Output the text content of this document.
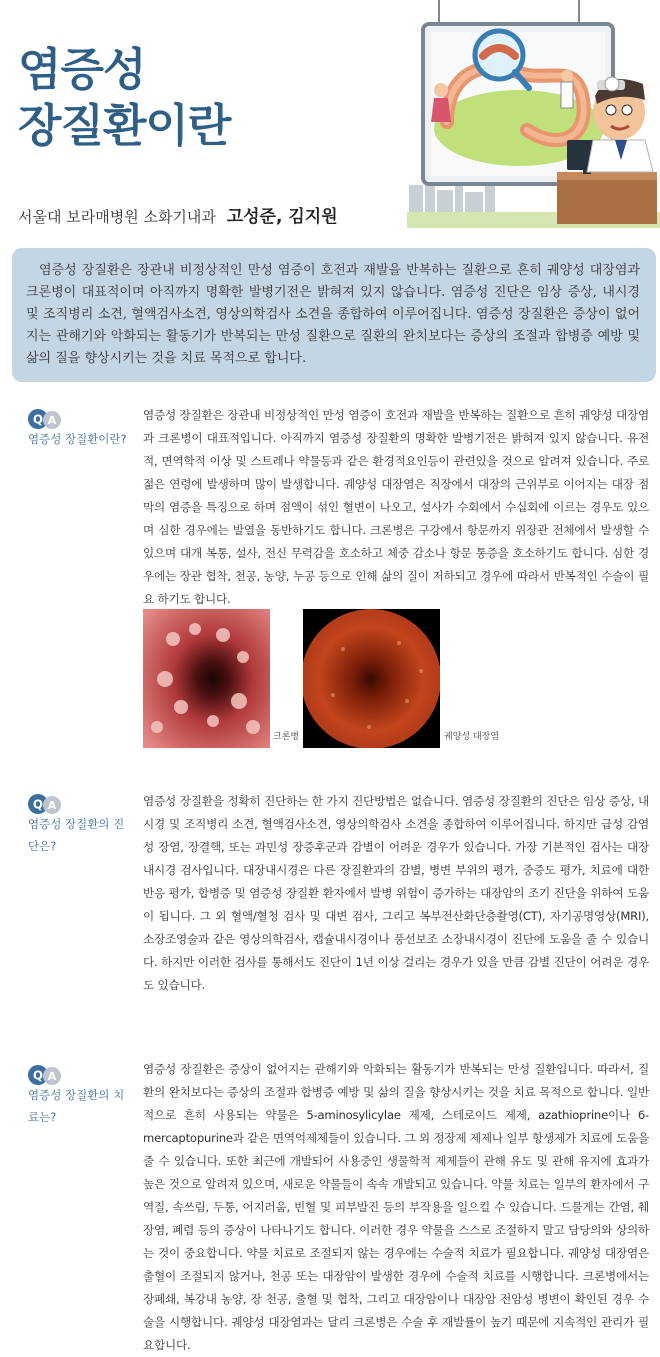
염증성
장질환이란
서울대 보라매병원 소화기내과 고성준, 김지원
염증성 장질환은 장관내 비정상적인 만성 염증이 호전과 재발을 반복하는 질환으로 흔히 궤양성 대장염과 크론병이 대표적이며 아직까지 명확한 발병기전은 밝혀져 있지 않습니다. 염증성 진단은 임상 증상, 내시경 및 조직병리 소견, 혈액검사소견, 영상의학검사 소견을 종합하여 이루어집니다. 염증성 장질환은 증상이 없어지는 관해기와 악화되는 활동기가 반복되는 만성 질환으로 질환의 완치보다는 증상의 조절과 합병증 예방 및 삶의 질을 향상시키는 것을 치료 목적으로 합니다.
Q A
염증성 장질환이란?
염증성 장질환은 장관내 비정상적인 만성 염증이 호전과 재발을 반복하는 질환으로 흔히 궤양성 대장염과 크론병이 대표적입니다. 아직까지 염증성 장질환의 명확한 발병기전은 밝혀져 있지 않습니다. 유전적, 면역학적 이상 및 스트레나 약물등과 같은 환경적요인등이 관련있을 것으로 알려져 있습니다. 주로 젊은 연령에 발생하며 많이 발생합니다. 궤양성 대장염은 직장에서 대장의 근위부로 이어지는 대장 점막의 염증을 특징으로 하며 점액이 섞인 혈변이 나오고, 설사가 수회에서 수십회에 이르는 경우도 있으며 심한 경우에는 발열을 동반하기도 합니다. 크론병은 구강에서 항문까지 위장관 전체에서 발생할 수 있으며 대개 복통, 설사, 전신 무력감을 호소하고 체중 감소나 항문 통증을 호소하기도 합니다. 심한 경우에는 장관 협착, 천공, 농양, 누공 등으로 인해 삶의 질이 저하되고 경우에 따라서 반복적인 수술이 필요 하기도 합니다.
크론병	궤양성 대장염
Q A
염증성 장질환의 진단은?
염증성 장질환을 정확히 진단하는 한 가지 진단방법은 없습니다. 염증성 장질환의 진단은 임상 증상, 내시경 및 조직병리 소견, 혈액검사소견, 영상의학검사 소견을 종합하여 이루어집니다. 하지만 급성 감염성 장염, 장결핵, 또는 과민성 장증후군과 감별이 어려운 경우가 있습니다. 가장 기본적인 검사는 대장내시경 검사입니다. 대장내시경은 다른 장질환과의 감별, 병변 부위의 평가, 중증도 평가, 치료에 대한 반응 평가, 합병증 및 염증성 장질환 환자에서 발병 위험이 증가하는 대장암의 조기 진단을 위하여 도움이 됩니다. 그 외 혈액/혈청 검사 및 대변 검사, 그리고 복부전산화단층촬영(CT), 자기공명영상(MRI), 소장조영술과 같은 영상의학검사, 캡슐내시경이나 풍선보조 소장내시경이 진단에 도움을 줄 수 있습니다. 하지만 이러한 검사를 통해서도 진단이 1년 이상 걸리는 경우가 있을 만큼 감별 진단이 어려운 경우도 있습니다.
Q A
염증성 장질환의 치료는?
염증성 장질환은 증상이 없어지는 관해기와 악화되는 활동기가 반복되는 만성 질환입니다. 따라서, 질환의 완치보다는 증상의 조절과 합병증 예방 및 삶의 질을 향상시키는 것을 치료 목적으로 합니다. 일반적으로 흔히 사용되는 약물은 5-aminosylicylae 제제, 스테로이드 제제, azathioprine이나 6-mercaptopurine과 같은 면역억제제들이 있습니다. 그 외 정장제 제제나 일부 항생제가 치료에 도움을 줄 수 있습니다. 또한 최근에 개발되어 사용중인 생물학적 제제들이 관해 유도 및 관해 유지에 효과가 높은 것으로 알려져 있으며, 새로운 약물들이 속속 개발되고 있습니다. 약물 치료는 일부의 환자에서 구역질, 속쓰림, 두통, 어지러움, 빈혈 및 피부발진 등의 부작용을 일으킬 수 있습니다. 드물게는 간염, 췌장염, 폐렴 등의 증상이 나타나기도 합니다. 이러한 경우 약물을 스스로 조절하지 말고 담당의와 상의하는 것이 중요합니다. 약물 치료로 조절되지 않는 경우에는 수술적 치료가 필요합니다. 궤양성 대장염은 출혈이 조절되지 않거나, 천공 또는 대장암이 발생한 경우에 수술적 치료를 시행합니다. 크론병에서는 장폐쇄, 복강내 농양, 장 천공, 출혈 및 협착, 그리고 대장암이나 대장암 전암성 병변이 확인된 경우 수술을 시행합니다. 궤양성 대장염과는 달리 크론병은 수술 후 재발률이 높기 때문에 지속적인 관리가 필요합니다.
